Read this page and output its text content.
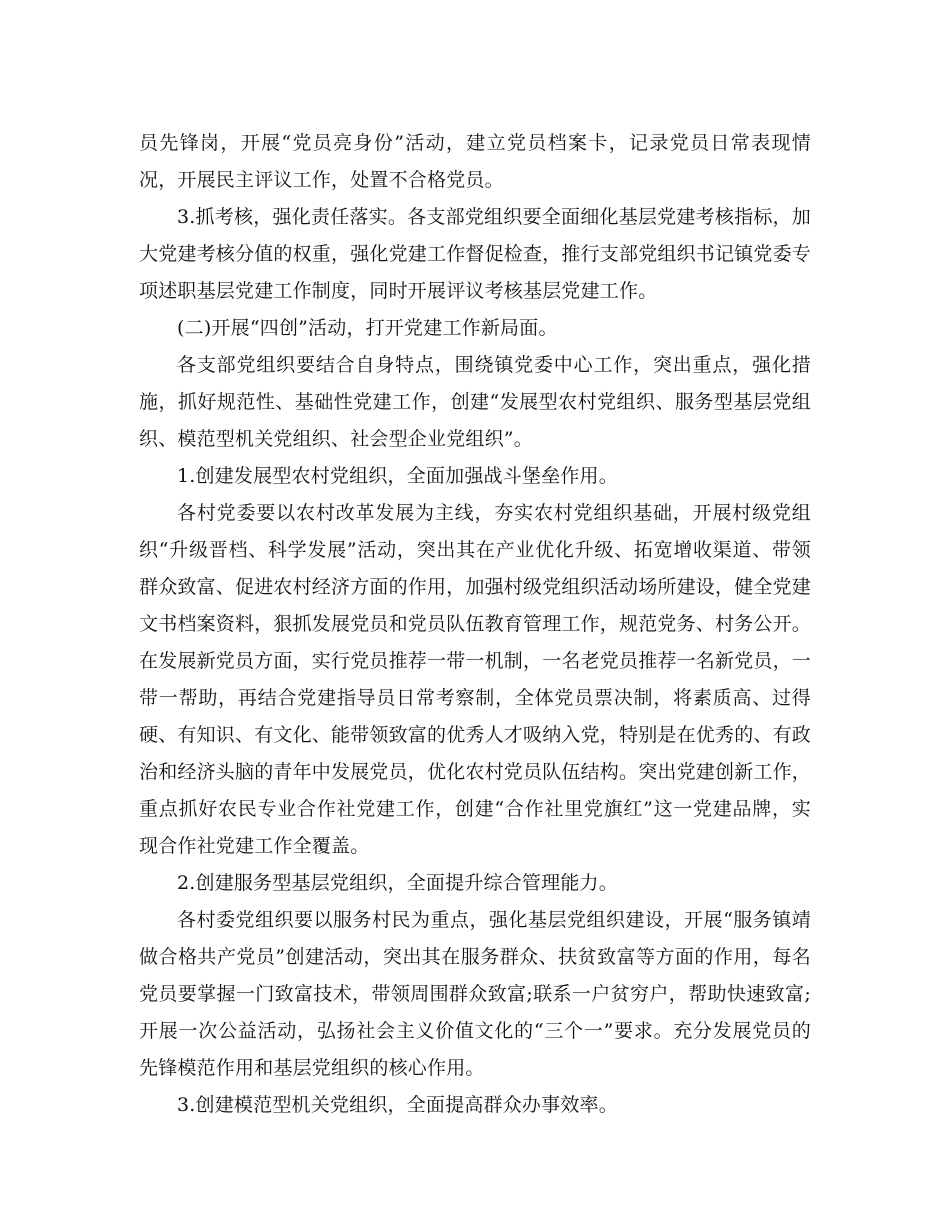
员先锋岗，开展“党员亮身份”活动，建立党员档案卡，记录党员日常表现情况，开展民主评议工作，处置不合格党员。

3.抓考核，强化责任落实。各支部党组织要全面细化基层党建考核指标，加大党建考核分值的权重，强化党建工作督促检查，推行支部党组织书记镇党委专项述职基层党建工作制度，同时开展评议考核基层党建工作。

(二)开展“四创”活动，打开党建工作新局面。

各支部党组织要结合自身特点，围绕镇党委中心工作，突出重点，强化措施，抓好规范性、基础性党建工作，创建“发展型农村党组织、服务型基层党组织、模范型机关党组织、社会型企业党组织”。

1.创建发展型农村党组织，全面加强战斗堡垒作用。

各村党委要以农村改革发展为主线，夯实农村党组织基础，开展村级党组织“升级晋档、科学发展”活动，突出其在产业优化升级、拓宽增收渠道、带领群众致富、促进农村经济方面的作用，加强村级党组织活动场所建设，健全党建文书档案资料，狠抓发展党员和党员队伍教育管理工作，规范党务、村务公开。在发展新党员方面，实行党员推荐一带一机制，一名老党员推荐一名新党员，一带一帮助，再结合党建指导员日常考察制，全体党员票决制，将素质高、过得硬、有知识、有文化、能带领致富的优秀人才吸纳入党，特别是在优秀的、有政治和经济头脑的青年中发展党员，优化农村党员队伍结构。突出党建创新工作，重点抓好农民专业合作社党建工作，创建“合作社里党旗红”这一党建品牌，实现合作社党建工作全覆盖。

2.创建服务型基层党组织，全面提升综合管理能力。

各村委党组织要以服务村民为重点，强化基层党组织建设，开展“服务镇靖做合格共产党员”创建活动，突出其在服务群众、扶贫致富等方面的作用，每名党员要掌握一门致富技术，带领周围群众致富;联系一户贫穷户，帮助快速致富;开展一次公益活动，弘扬社会主义价值文化的“三个一”要求。充分发展党员的先锋模范作用和基层党组织的核心作用。

3.创建模范型机关党组织，全面提高群众办事效率。
